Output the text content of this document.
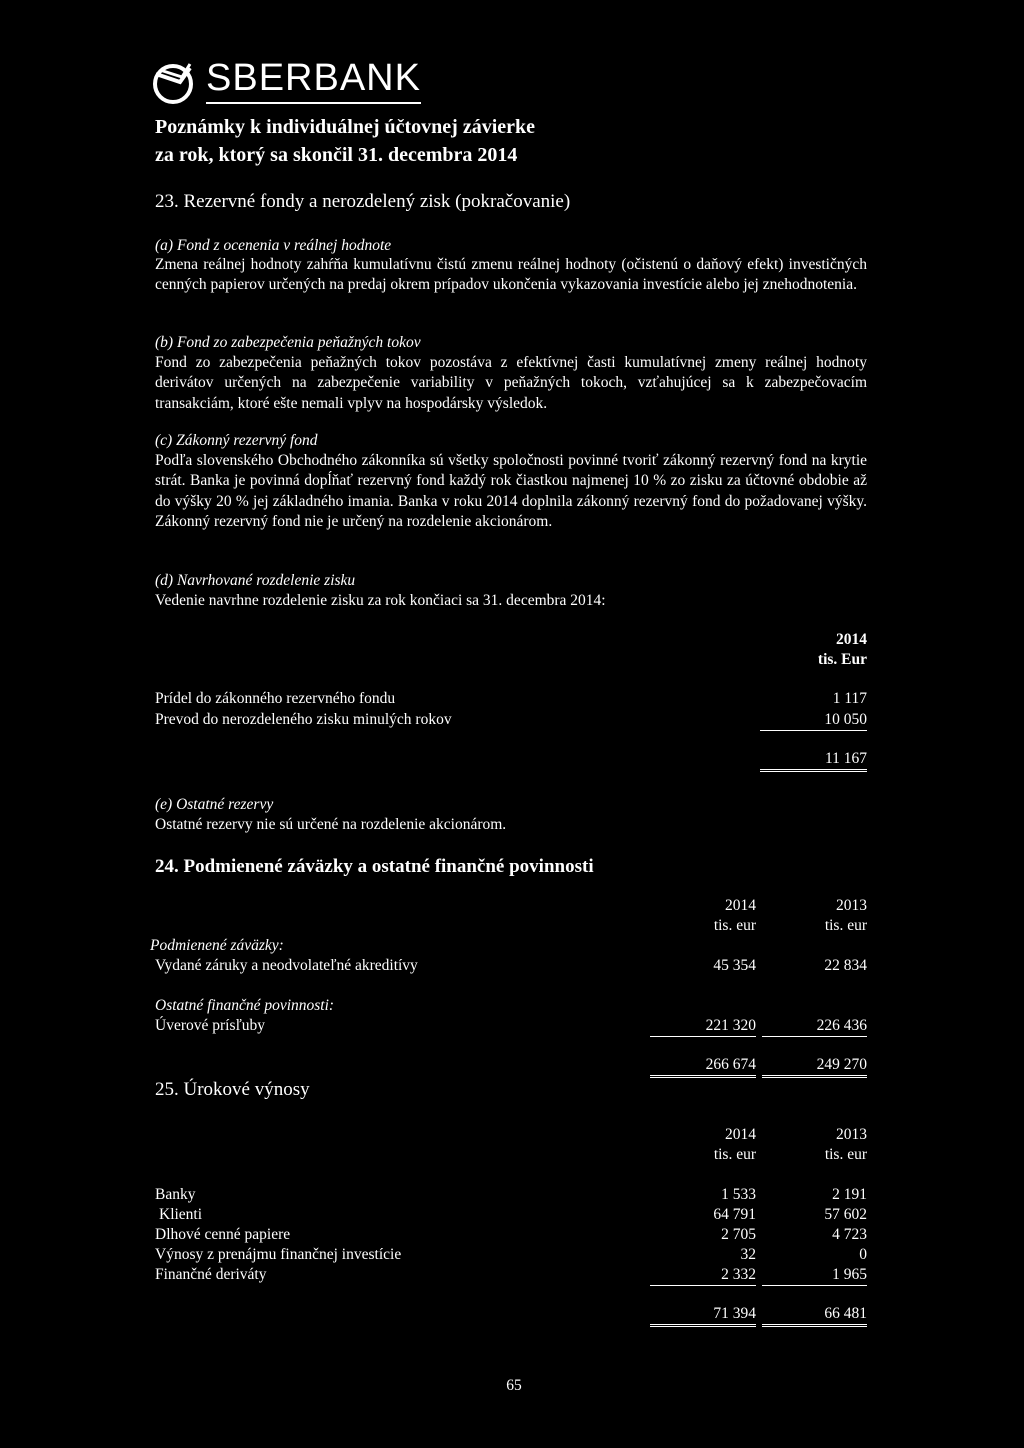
SBERBANK
Poznámky k individuálnej účtovnej závierke
za rok, ktorý sa skončil 31. decembra 2014
23. Rezervné fondy a nerozdelený zisk (pokračovanie)
(a) Fond z ocenenia v reálnej hodnote
Zmena reálnej hodnoty zahŕňa kumulatívnu čistú zmenu reálnej hodnoty (očistenú o daňový efekt) investičných cenných papierov určených na predaj okrem prípadov ukončenia vykazovania investície alebo jej znehodnotenia.
(b) Fond zo zabezpečenia peňažných tokov
Fond zo zabezpečenia peňažných tokov pozostáva z efektívnej časti kumulatívnej zmeny reálnej hodnoty derivátov určených na zabezpečenie variability v peňažných tokoch, vzťahujúcej sa k zabezpečovacím transakciám, ktoré ešte nemali vplyv na hospodársky výsledok.
(c) Zákonný rezervný fond
Podľa slovenského Obchodného zákonníka sú všetky spoločnosti povinné tvoriť zákonný rezervný fond na krytie strát. Banka je povinná dopĺňať rezervný fond každý rok čiastkou najmenej 10 % zo zisku za účtovné obdobie až do výšky 20 % jej základného imania. Banka v roku 2014 doplnila zákonný rezervný fond do požadovanej výšky. Zákonný rezervný fond nie je určený na rozdelenie akcionárom.
(d) Navrhované rozdelenie zisku
Vedenie navrhne rozdelenie zisku za rok končiaci sa 31. decembra 2014:
2014
tis. Eur
Prídel do zákonného rezervného fondu	1 117
Prevod do nerozdeleného zisku minulých rokov	10 050
11 167
(e) Ostatné rezervy
Ostatné rezervy nie sú určené na rozdelenie akcionárom.
24. Podmienené záväzky a ostatné finančné povinnosti
2014
tis. eur
2013
tis. eur
Podmienené záväzky:
Vydané záruky a neodvolateľné akreditívy	45 354	22 834
Ostatné finančné povinnosti:
Úverové prísľuby	221 320	226 436
266 674	249 270
25. Úrokové výnosy
2014
tis. eur
2013
tis. eur
Banky	1 533	2 191
Klienti	64 791	57 602
Dlhové cenné papiere	2 705	4 723
Výnosy z prenájmu finančnej investície	32	0
Finančné deriváty	2 332	1 965
71 394	66 481
65
